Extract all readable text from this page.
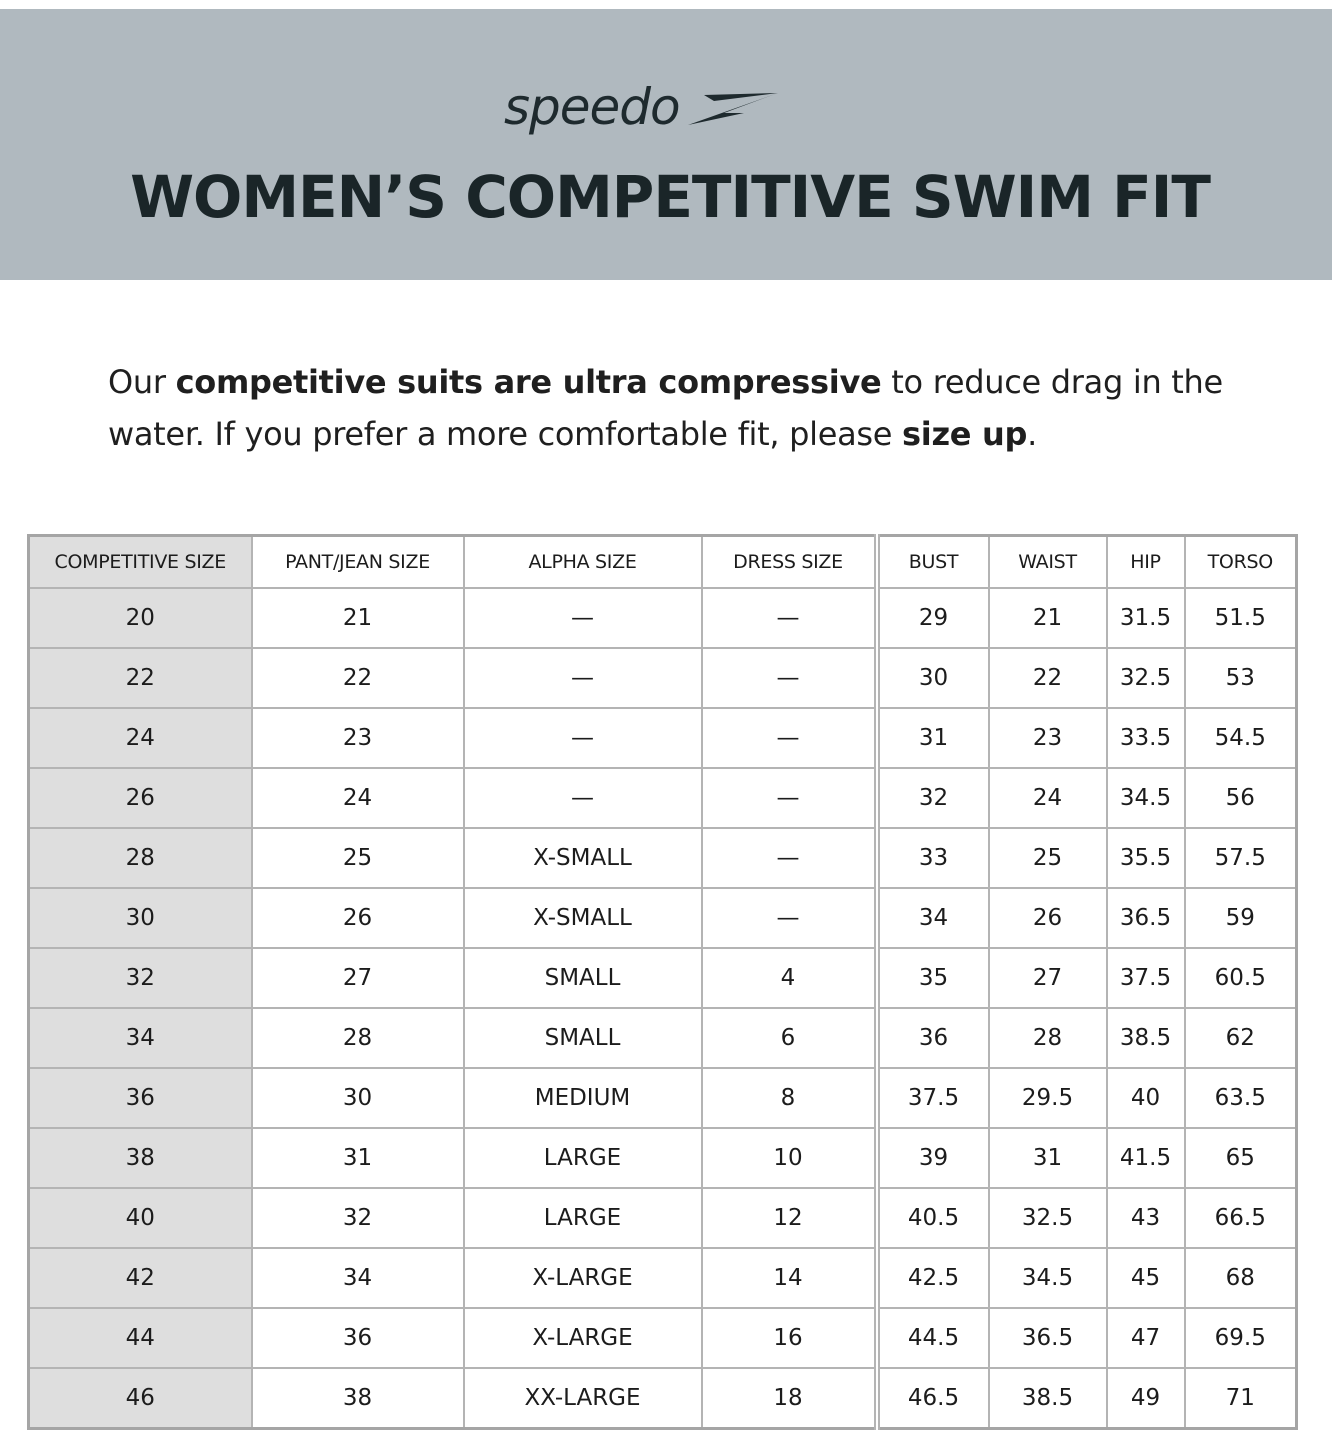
speedo
WOMEN’S COMPETITIVE SWIM FIT

Our competitive suits are ultra compressive to reduce drag in the water. If you prefer a more comfortable fit, please size up.

COMPETITIVE SIZE	PANT/JEAN SIZE	ALPHA SIZE	DRESS SIZE	BUST	WAIST	HIP	TORSO
20	21	—	—	29	21	31.5	51.5
22	22	—	—	30	22	32.5	53
24	23	—	—	31	23	33.5	54.5
26	24	—	—	32	24	34.5	56
28	25	X-SMALL	—	33	25	35.5	57.5
30	26	X-SMALL	—	34	26	36.5	59
32	27	SMALL	4	35	27	37.5	60.5
34	28	SMALL	6	36	28	38.5	62
36	30	MEDIUM	8	37.5	29.5	40	63.5
38	31	LARGE	10	39	31	41.5	65
40	32	LARGE	12	40.5	32.5	43	66.5
42	34	X-LARGE	14	42.5	34.5	45	68
44	36	X-LARGE	16	44.5	36.5	47	69.5
46	38	XX-LARGE	18	46.5	38.5	49	71
